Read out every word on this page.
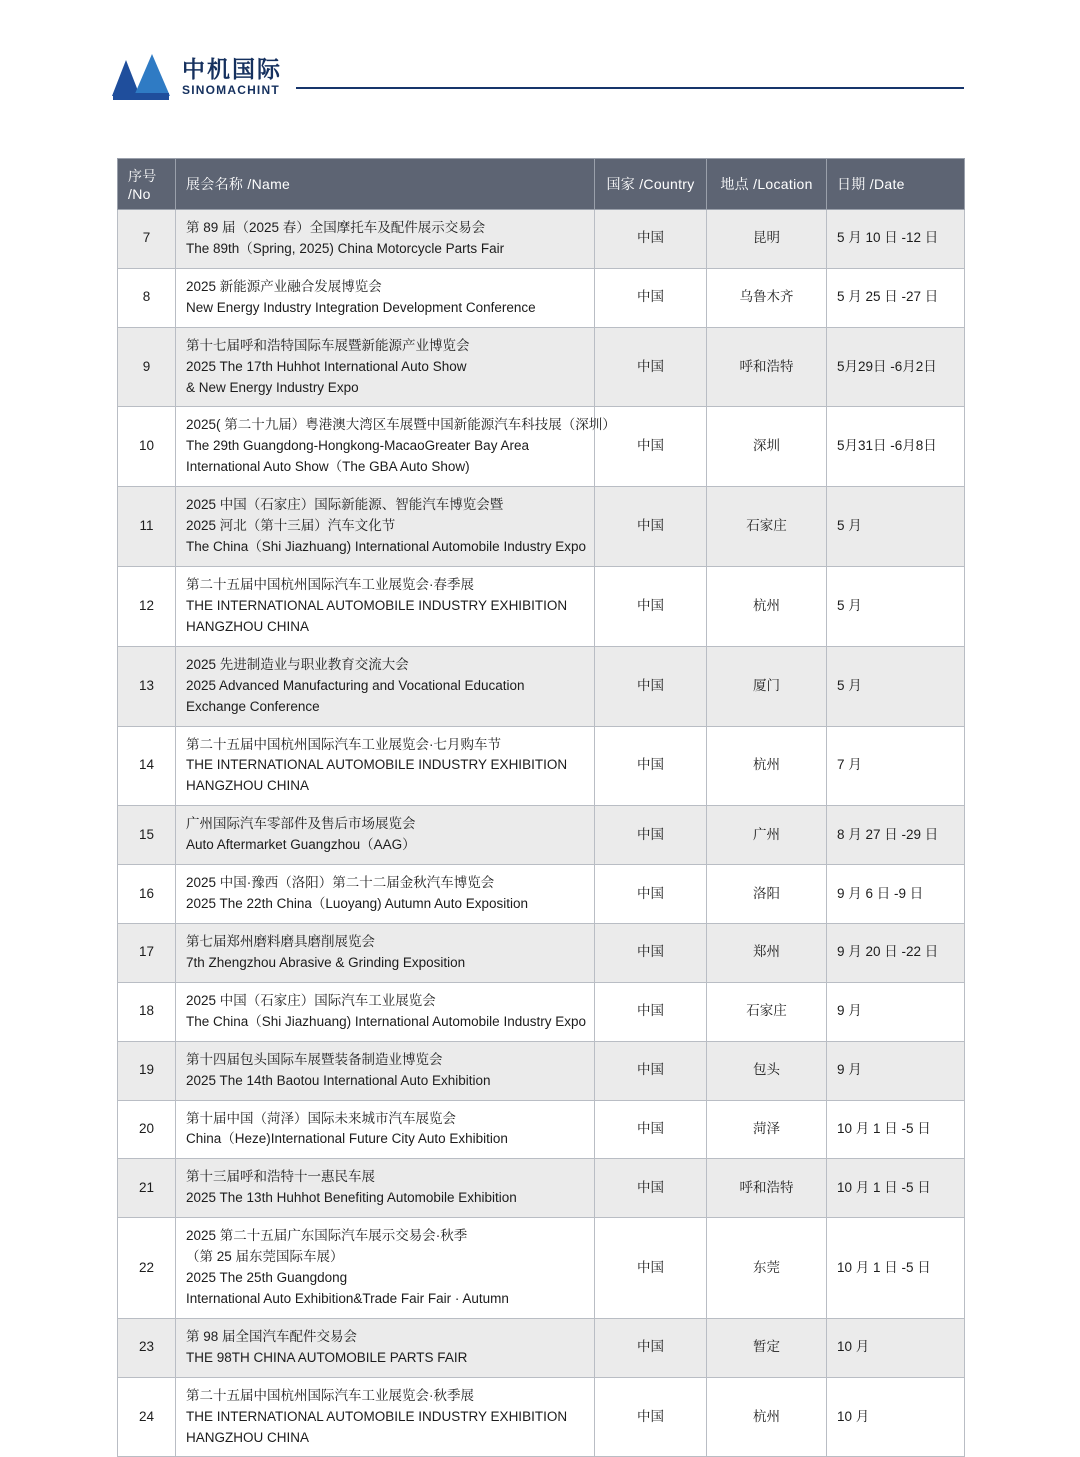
中机国际
SINOMACHINT
序号 /No	展会名称 /Name	国家 /Country	地点 /Location	日期 /Date
7	第 89 届（2025 春）全国摩托车及配件展示交易会
The 89th（Spring, 2025) China Motorcycle Parts Fair	中国	昆明	5 月 10 日 -12 日
8	2025 新能源产业融合发展博览会
New Energy Industry Integration Development Conference	中国	乌鲁木齐	5 月 25 日 -27 日
9	第十七届呼和浩特国际车展暨新能源产业博览会
2025 The 17th Huhhot International Auto Show
& New Energy Industry Expo	中国	呼和浩特	5月29日 -6月2日
10	2025( 第二十九届）粤港澳大湾区车展暨中国新能源汽车科技展（深圳）
The 29th Guangdong-Hongkong-MacaoGreater Bay Area
International Auto Show（The GBA Auto Show)	中国	深圳	5月31日 -6月8日
11	2025 中国（石家庄）国际新能源、智能汽车博览会暨
2025 河北（第十三届）汽车文化节
The China（Shi Jiazhuang) International Automobile Industry Expo	中国	石家庄	5 月
12	第二十五届中国杭州国际汽车工业展览会·春季展
THE INTERNATIONAL AUTOMOBILE INDUSTRY EXHIBITION
HANGZHOU CHINA	中国	杭州	5 月
13	2025 先进制造业与职业教育交流大会
2025 Advanced Manufacturing and Vocational Education
Exchange Conference	中国	厦门	5 月
14	第二十五届中国杭州国际汽车工业展览会·七月购车节
THE INTERNATIONAL AUTOMOBILE INDUSTRY EXHIBITION
HANGZHOU CHINA	中国	杭州	7 月
15	广州国际汽车零部件及售后市场展览会
Auto Aftermarket Guangzhou（AAG）	中国	广州	8 月 27 日 -29 日
16	2025 中国·豫西（洛阳）第二十二届金秋汽车博览会
2025 The 22th China（Luoyang) Autumn Auto Exposition	中国	洛阳	9 月 6 日 -9 日
17	第七届郑州磨料磨具磨削展览会
7th Zhengzhou Abrasive & Grinding Exposition	中国	郑州	9 月 20 日 -22 日
18	2025 中国（石家庄）国际汽车工业展览会
The China（Shi Jiazhuang) International Automobile Industry Expo	中国	石家庄	9 月
19	第十四届包头国际车展暨装备制造业博览会
2025 The 14th Baotou International Auto Exhibition	中国	包头	9 月
20	第十届中国（菏泽）国际未来城市汽车展览会
China（Heze)International Future City Auto Exhibition	中国	菏泽	10 月 1 日 -5 日
21	第十三届呼和浩特十一惠民车展
2025 The 13th Huhhot Benefiting Automobile Exhibition	中国	呼和浩特	10 月 1 日 -5 日
22	2025 第二十五届广东国际汽车展示交易会·秋季
（第 25 届东莞国际车展）
2025 The 25th Guangdong
International Auto Exhibition&Trade Fair Fair · Autumn	中国	东莞	10 月 1 日 -5 日
23	第 98 届全国汽车配件交易会
THE 98TH CHINA AUTOMOBILE PARTS FAIR	中国	暂定	10 月
24	第二十五届中国杭州国际汽车工业展览会·秋季展
THE INTERNATIONAL AUTOMOBILE INDUSTRY EXHIBITION
HANGZHOU CHINA	中国	杭州	10 月
